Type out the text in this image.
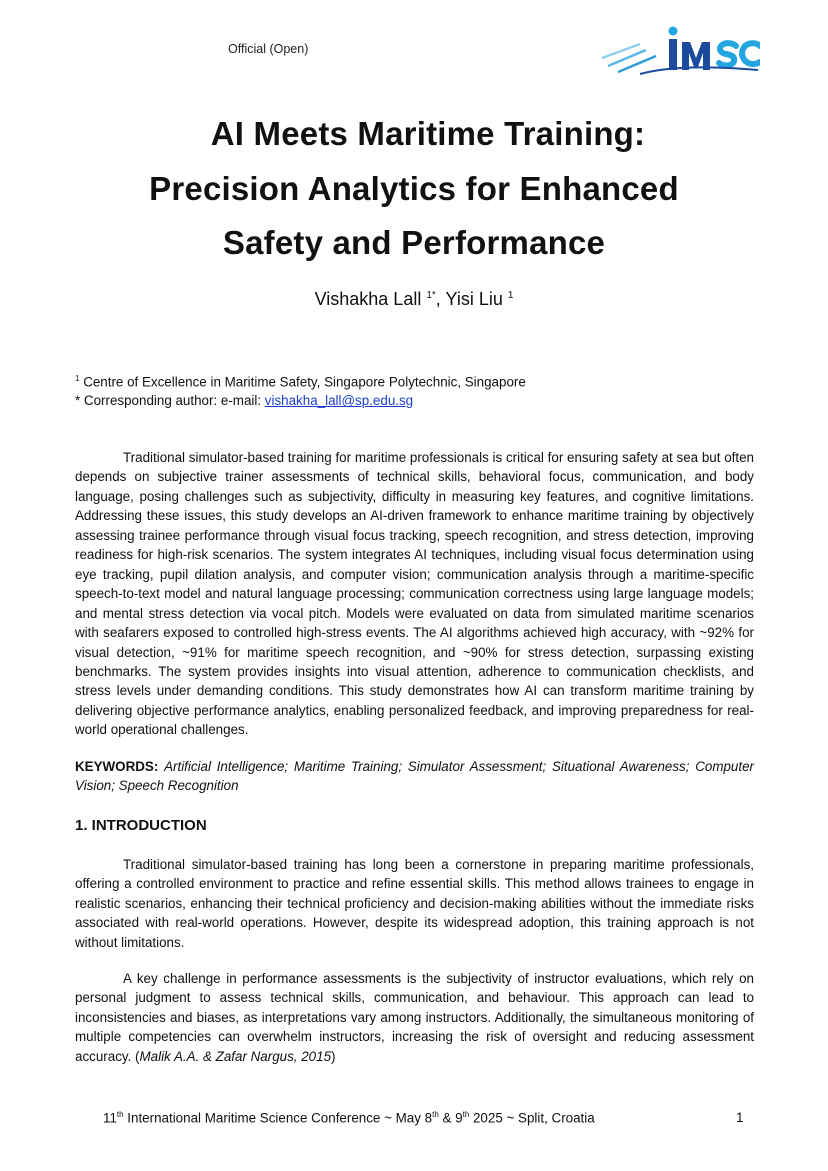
Official (Open)
AI Meets Maritime Training:
Precision Analytics for Enhanced
Safety and Performance
Vishakha Lall $^{1*}$, Yisi Liu $^1$
$^1$ Centre of Excellence in Maritime Safety, Singapore Polytechnic, Singapore
* Corresponding author: e-mail: vishakha_lall@sp.edu.sg

Traditional simulator-based training for maritime professionals is critical for ensuring safety at sea but often depends on subjective trainer assessments of technical skills, behavioral focus, communication, and body language, posing challenges such as subjectivity, difficulty in measuring key features, and cognitive limitations. Addressing these issues, this study develops an AI-driven framework to enhance maritime training by objectively assessing trainee performance through visual focus tracking, speech recognition, and stress detection, improving readiness for high-risk scenarios. The system integrates AI techniques, including visual focus determination using eye tracking, pupil dilation analysis, and computer vision; communication analysis through a maritime-specific speech-to-text model and natural language processing; communication correctness using large language models; and mental stress detection via vocal pitch. Models were evaluated on data from simulated maritime scenarios with seafarers exposed to controlled high-stress events. The AI algorithms achieved high accuracy, with ~92% for visual detection, ~91% for maritime speech recognition, and ~90% for stress detection, surpassing existing benchmarks. The system provides insights into visual attention, adherence to communication checklists, and stress levels under demanding conditions. This study demonstrates how AI can transform maritime training by delivering objective performance analytics, enabling personalized feedback, and improving preparedness for real-world operational challenges.

KEYWORDS: Artificial Intelligence; Maritime Training; Simulator Assessment; Situational Awareness; Computer Vision; Speech Recognition

1. INTRODUCTION

Traditional simulator-based training has long been a cornerstone in preparing maritime professionals, offering a controlled environment to practice and refine essential skills. This method allows trainees to engage in realistic scenarios, enhancing their technical proficiency and decision-making abilities without the immediate risks associated with real-world operations. However, despite its widespread adoption, this training approach is not without limitations.

A key challenge in performance assessments is the subjectivity of instructor evaluations, which rely on personal judgment to assess technical skills, communication, and behaviour. This approach can lead to inconsistencies and biases, as interpretations vary among instructors. Additionally, the simultaneous monitoring of multiple competencies can overwhelm instructors, increasing the risk of oversight and reducing assessment accuracy. (Malik A.A. & Zafar Nargus, 2015)

11th International Maritime Science Conference ~ May 8th & 9th 2025 ~ Split, Croatia	1
